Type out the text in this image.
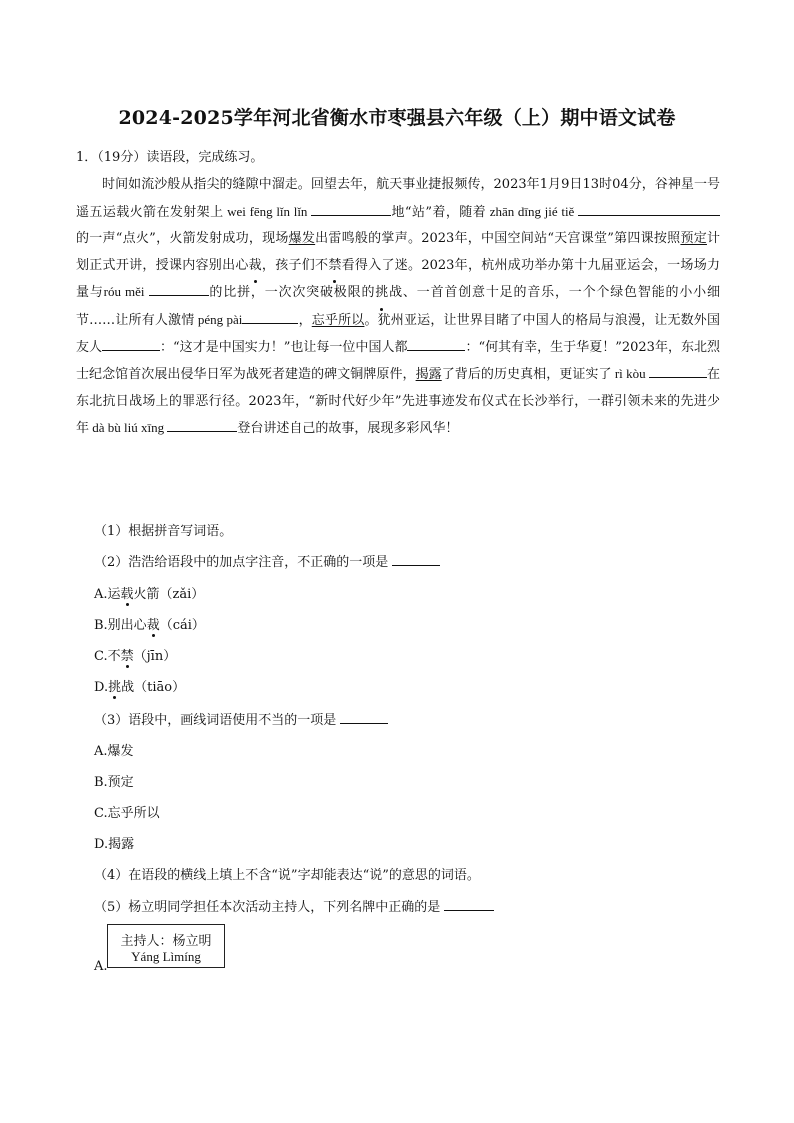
2024-2025学年河北省衡水市枣强县六年级（上）期中语文试卷
1．（19分）读语段，完成练习。

时间如流沙般从指尖的缝隙中溜走。回望去年，航天事业捷报频传，2023年1月9日13时04分，谷神星一号遥五运载火箭在发射架上 wei fēng lǐn lǐn	地“站”着，随着 zhān dīng jié tiě 的一声“点火”，火箭发射成功，现场爆发出雷鸣般的掌声。2023年，中国空间站“天宫课堂”第四课按照预定计划正式开讲，授课内容别出心裁，孩子们不禁看得入了迷。2023年，杭州成功举办第十九届亚运会，一场场力量与róu měi	的比拼，一次次突破极限的挑战、一首首创意十足的音乐，一个个绿色智能的小小细节……让所有人激情 péng pài	，忘乎所以。犹州亚运，让世界目睹了中国人的格局与浪漫，让无数外国友人	：“这才是中国实力！”也让每一位中国人都	：“何其有幸，生于华夏！”2023年，东北烈士纪念馆首次展出侵华日军为战死者建造的碑文铜牌原件，揭露了背后的历史真相，更证实了 rì kòu	在东北抗日战场上的罪恶行径。2023年，“新时代好少年”先进事迹发布仪式在长沙举行，一群引领未来的先进少年 dà bù liú xīng	登台讲述自己的故事，展现多彩风华！

（1）根据拼音写词语。
（2）浩浩给语段中的加点字注音，不正确的一项是
A.运载火箭（zǎi）
B.别出心裁（cái）
C.不禁（jīn）
D.挑战（tiāo）
（3）语段中，画线词语使用不当的一项是
A.爆发
B.预定
C.忘乎所以
D.揭露
（4）在语段的横线上填上不含“说”字却能表达“说”的意思的词语。
（5）杨立明同学担任本次活动主持人，下列名牌中正确的是
主持人：杨立明
Yáng Lìmíng
A.
